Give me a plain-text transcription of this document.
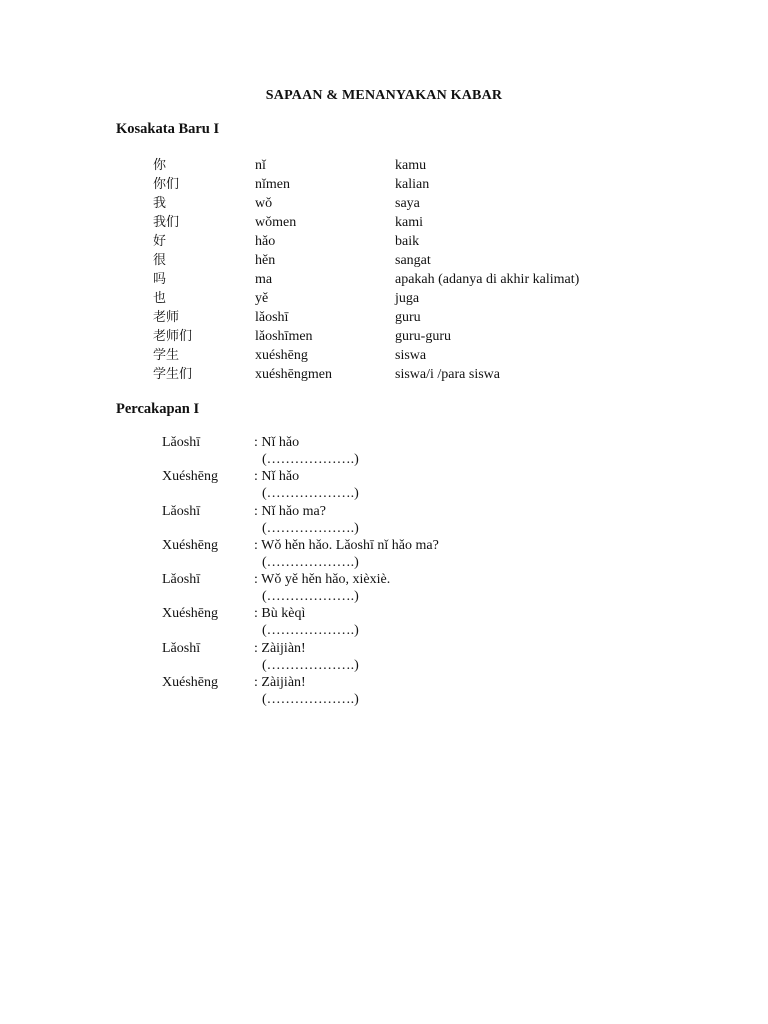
SAPAAN & MENANYAKAN KABAR
Kosakata Baru I
你	nǐ	kamu
你们	nǐmen	kalian
我	wǒ	saya
我们	wǒmen	kami
好	hǎo	baik
很	hěn	sangat
吗	ma	apakah (adanya di akhir kalimat)
也	yě	juga
老师	lǎoshī	guru
老师们	lǎoshīmen	guru-guru
学生	xuéshēng	siswa
学生们	xuéshēngmen	siswa/i /para siswa
Percakapan I
Lǎoshī	: Nǐ hǎo
(……………….)
Xuéshēng	: Nǐ hǎo
(……………….)
Lǎoshī	: Nǐ hǎo ma?
(……………….)
Xuéshēng	: Wǒ hěn hǎo. Lǎoshī nǐ hǎo ma?
(……………….)
Lǎoshī	: Wǒ yě hěn hǎo, xièxiè.
(……………….)
Xuéshēng	: Bù kèqì
(……………….)
Lǎoshī	: Zàijiàn!
(……………….)
Xuéshēng	: Zàijiàn!
(……………….)
